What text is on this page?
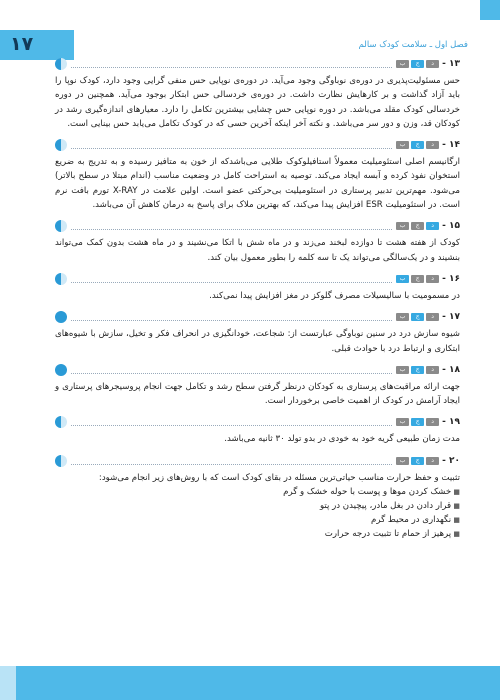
۱۷	فصل اول ـ سلامت کودک سالم
۱۳ -
ب	ج	د

حس مسئولیت‌پذیری در دوره‌ی نوباوگی وجود می‌آید. در دوره‌ی نوپایی حس منفی گرایی وجود دارد، کودک نوپا را باید آزاد گذاشت و بر کارهایش نظارت داشت. در دوره‌ی خردسالی حس ابتکار بوجود می‌آید. همچنین در دوره خردسالی کودک مقلد می‌باشد. در دوره نوپایی حس چشایی بیشترین تکامل را دارد. معیارهای اندازه‌گیری رشد در کودکان قد، وزن و دور سر می‌باشد. و نکته آخر اینکه آخرین حسی که در کودک تکامل می‌یابد حس بینایی است.

۱۴ -
ب	ج	د

ارگانیسم اصلی استئومیلیت معمولاً استافیلوکوک طلایی می‌باشد‌که از خون به متافیز رسیده و به تدریج به ضریع استخوان نفوذ کرده و آبسه ایجاد می‌کند. توصیه به استراحت کامل در وضعیت مناسب (اندام مبتلا در سطح بالاتر) می‌شود. مهم‌ترین تدبیر پرستاری در استئومیلیت بی‌حرکتی عضو است. اولین علامت در X-RAY تورم بافت نرم است. در استئومیلیت ESR افزایش پیدا می‌کند، که بهترین ملاک برای پاسخ به درمان کاهش آن می‌باشد.

۱۵ -
ب	ج	د

کودک از هفته هشت تا دوازده لبخند می‌زند و در ماه شش با اتکا می‌نشیند و در ماه هشت بدون کمک می‌تواند بنشیند و در یک‌سالگی می‌تواند یک تا سه کلمه را بطور معمول بیان کند.

۱۶ -
ب	ج	د

در مسمومیت با سالیسیلات مصرف گلوکز در مغز افزایش پیدا نمی‌کند.

۱۷ -
ب	ج	د

شیوه سازش درد در سنین نوباوگی عبارتست از: شجاعت، خودانگیزی در انحراف فکر و تخیل، سازش با شیوه‌های ابتکاری و ارتباط درد با حوادث قبلی.

۱۸ -
ب	ج	د

جهت ارائه مراقبت‌های پرستاری به کودکان درنظر گرفتن سطح رشد و تکامل جهت انجام پروسیجرهای پرستاری و ایجاد آرامش در کودک از اهمیت خاصی برخوردار است.

۱۹ -
ب	ج	د

مدت زمان طبیعی گریه خود به خودی در بدو تولد ۳۰ ثانیه می‌باشد.

۲۰ -
ب	ج	د

تثبیت و حفظ حرارت مناسب حیاتی‌ترین مسئله در بقای کودک است که با روش‌های زیر انجام می‌شود:

■ خشک کردن موها و پوست با حوله خشک و گرم
■ قرار دادن در بغل مادر، پیچیدن در پتو
■ نگهداری در محیط گرم
■ پرهیز از حمام تا تثبیت درجه حرارت
